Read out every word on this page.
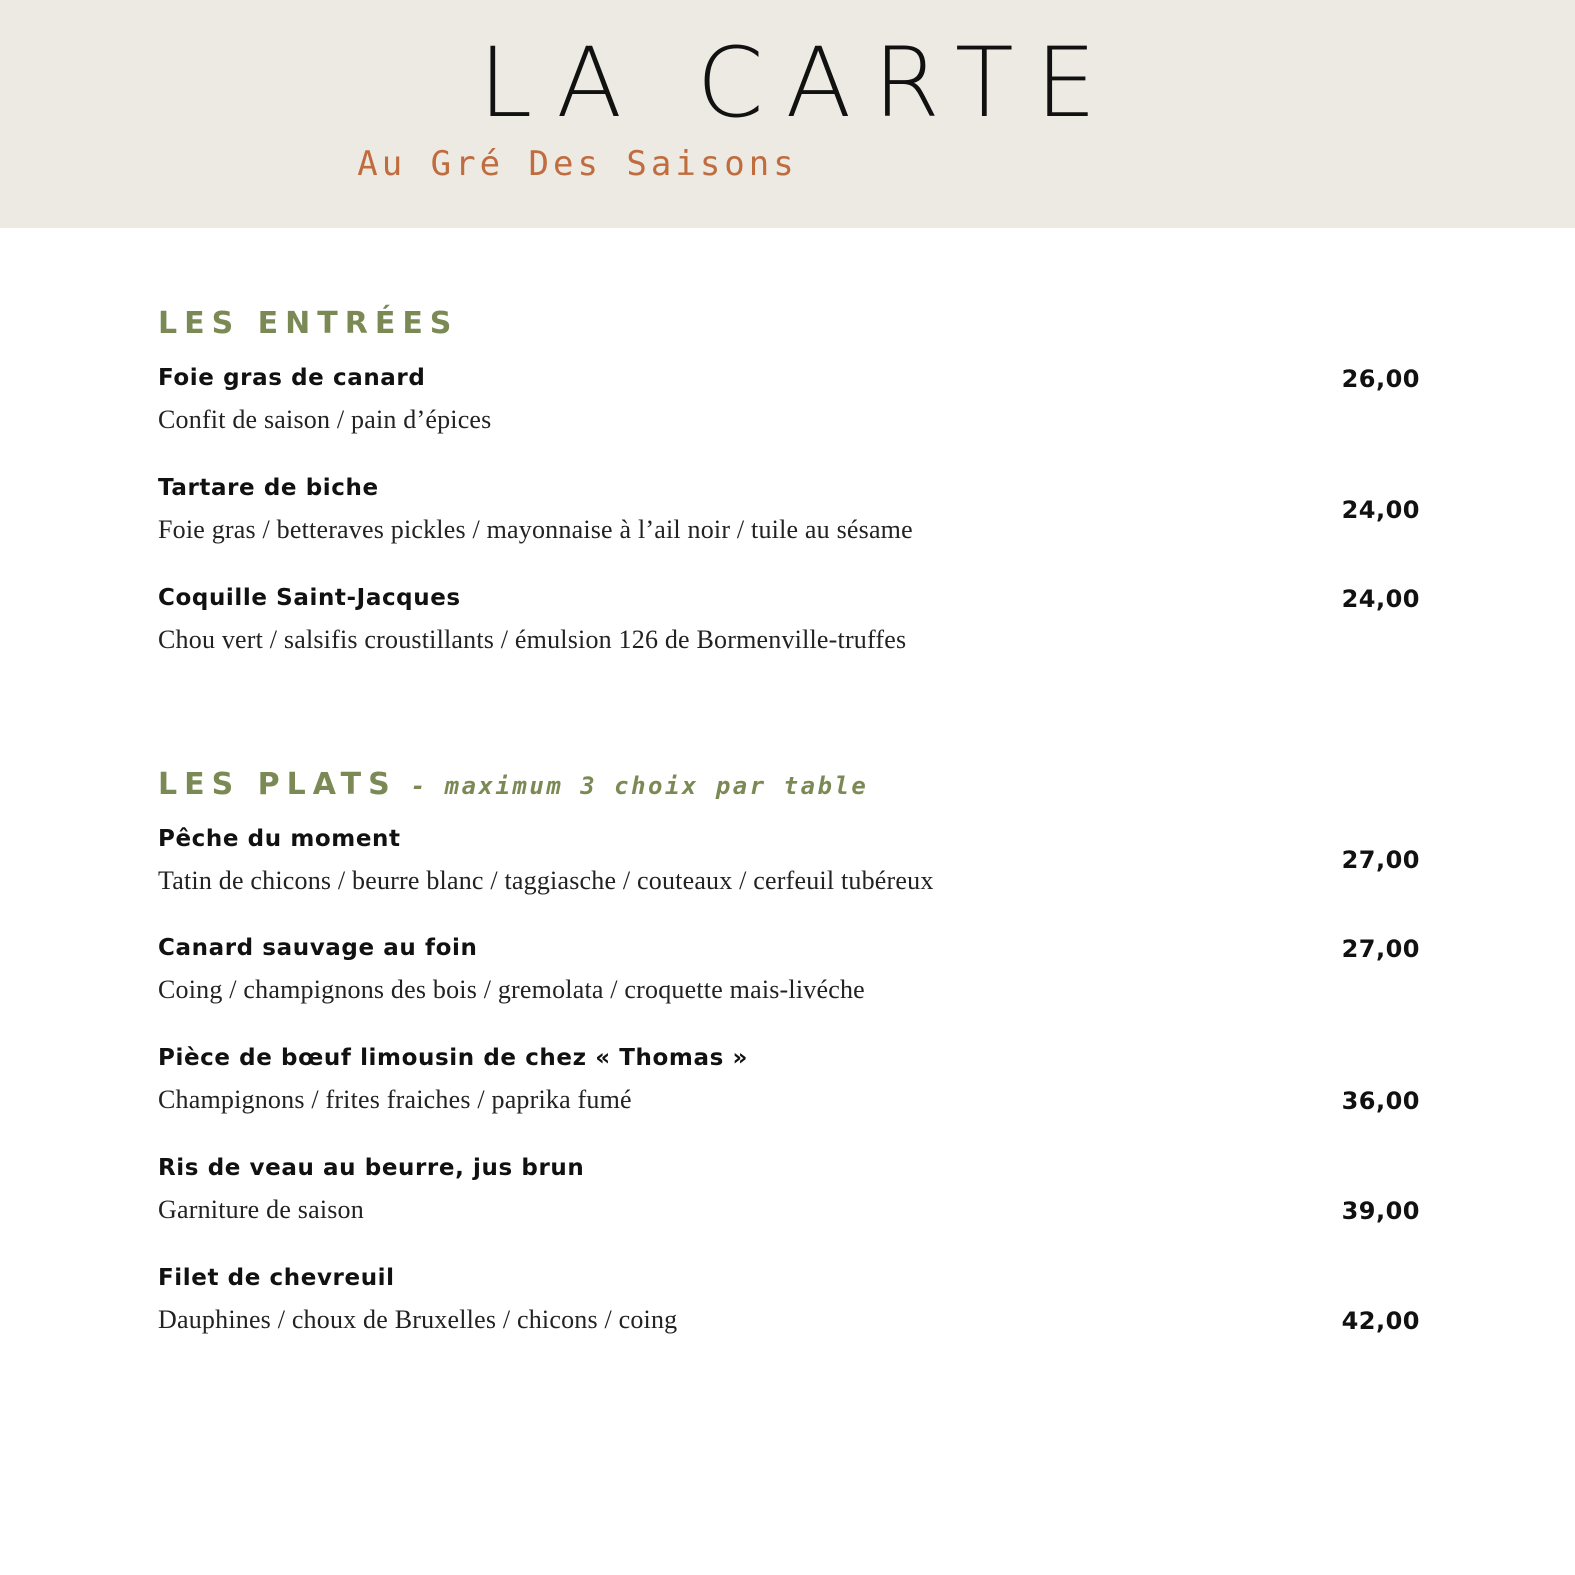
LA CARTE
Au Gré Des Saisons
LES ENTRÉES
Foie gras de canard
Confit de saison / pain d’épices
26,00
Tartare de biche
Foie gras / betteraves pickles / mayonnaise à l’ail noir / tuile au sésame
24,00
Coquille Saint-Jacques
Chou vert / salsifis croustillants / émulsion 126 de Bormenville-truffes
24,00
LES PLATS - maximum 3 choix par table
Pêche du moment
Tatin de chicons / beurre blanc / taggiasche / couteaux / cerfeuil tubéreux
27,00
Canard sauvage au foin
Coing / champignons des bois / gremolata / croquette mais-livéche
27,00
Pièce de bœuf limousin de chez « Thomas »
Champignons / frites fraiches / paprika fumé	36,00
Ris de veau au beurre, jus brun
Garniture de saison	39,00
Filet de chevreuil
Dauphines / choux de Bruxelles / chicons / coing	42,00
